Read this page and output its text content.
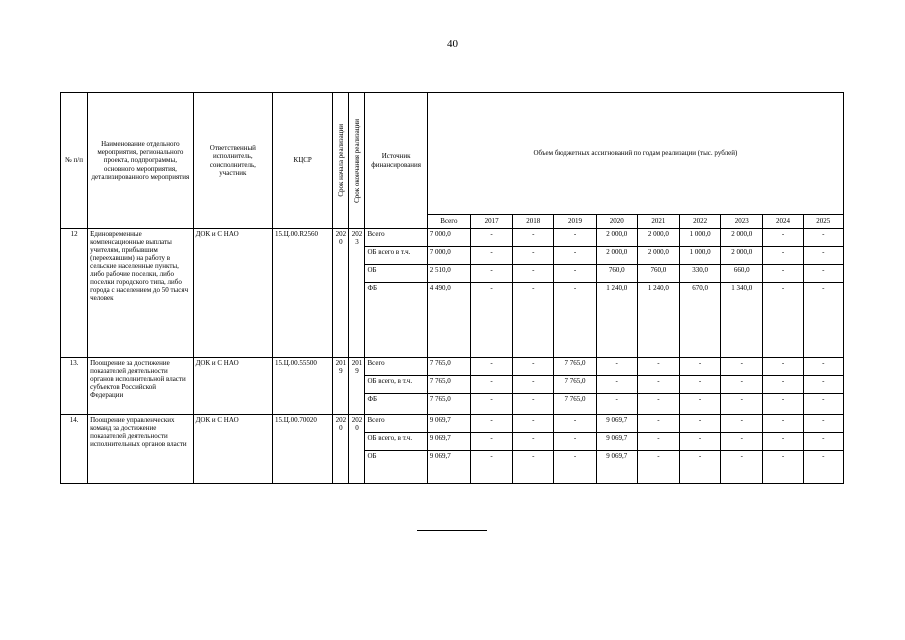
40
№ п/п	Наименование отдельного мероприятия, регионального проекта, подпрограммы, основного мероприятия, детализированного мероприятия	Ответственный исполнитель, соисполнитель, участник	КЦСР	Срок начала реализации	Срок окончания реализации	Источник финансирования	Объем бюджетных ассигнований по годам реализации (тыс. рублей)									
							Всего	2017	2018	2019	2020	2021	2022	2023	2024	2025
12	Единовременные компенсационные выплаты учителям, прибывшим (переехавшим) на работу в сельские населенные пункты, либо рабочие поселки, либо поселки городского типа, либо города с населением до 50 тысяч человек	ДОК и С НАО	15.Ц.00.R2560	2020	2023	Всего	7 000,0	-	-	-	2 000,0	2 000,0	1 000,0	2 000,0	-	-
						ОБ всего в т.ч.	7 000,0	-	-	-	2 000,0	2 000,0	1 000,0	2 000,0	-	-
						ОБ	2 510,0	-	-	-	760,0	760,0	330,0	660,0	-	-
						ФБ	4 490,0	-	-	-	1 240,0	1 240,0	670,0	1 340,0	-	-
13.	Поощрение за достижение показателей деятельности органов исполнительной власти субъектов Российской Федерации	ДОК и С НАО	15.Ц.00.55500	2019	2019	Всего	7 765,0	-	-	7 765,0	-	-	-	-	-	-
						ОБ всего, в т.ч.	7 765,0	-	-	7 765,0	-	-	-	-	-	-
						ФБ	7 765,0	-	-	7 765,0	-	-	-	-	-	-
14.	Поощрение управленческих команд за достижение показателей деятельности исполнительных органов власти	ДОК и С НАО	15.Ц.00.70020	2020	2020	Всего	9 069,7	-	-	-	9 069,7	-	-	-	-	-
						ОБ всего, в т.ч.	9 069,7	-	-	-	9 069,7	-	-	-	-	-
						ОБ	9 069,7	-	-	-	9 069,7	-	-	-	-	-
